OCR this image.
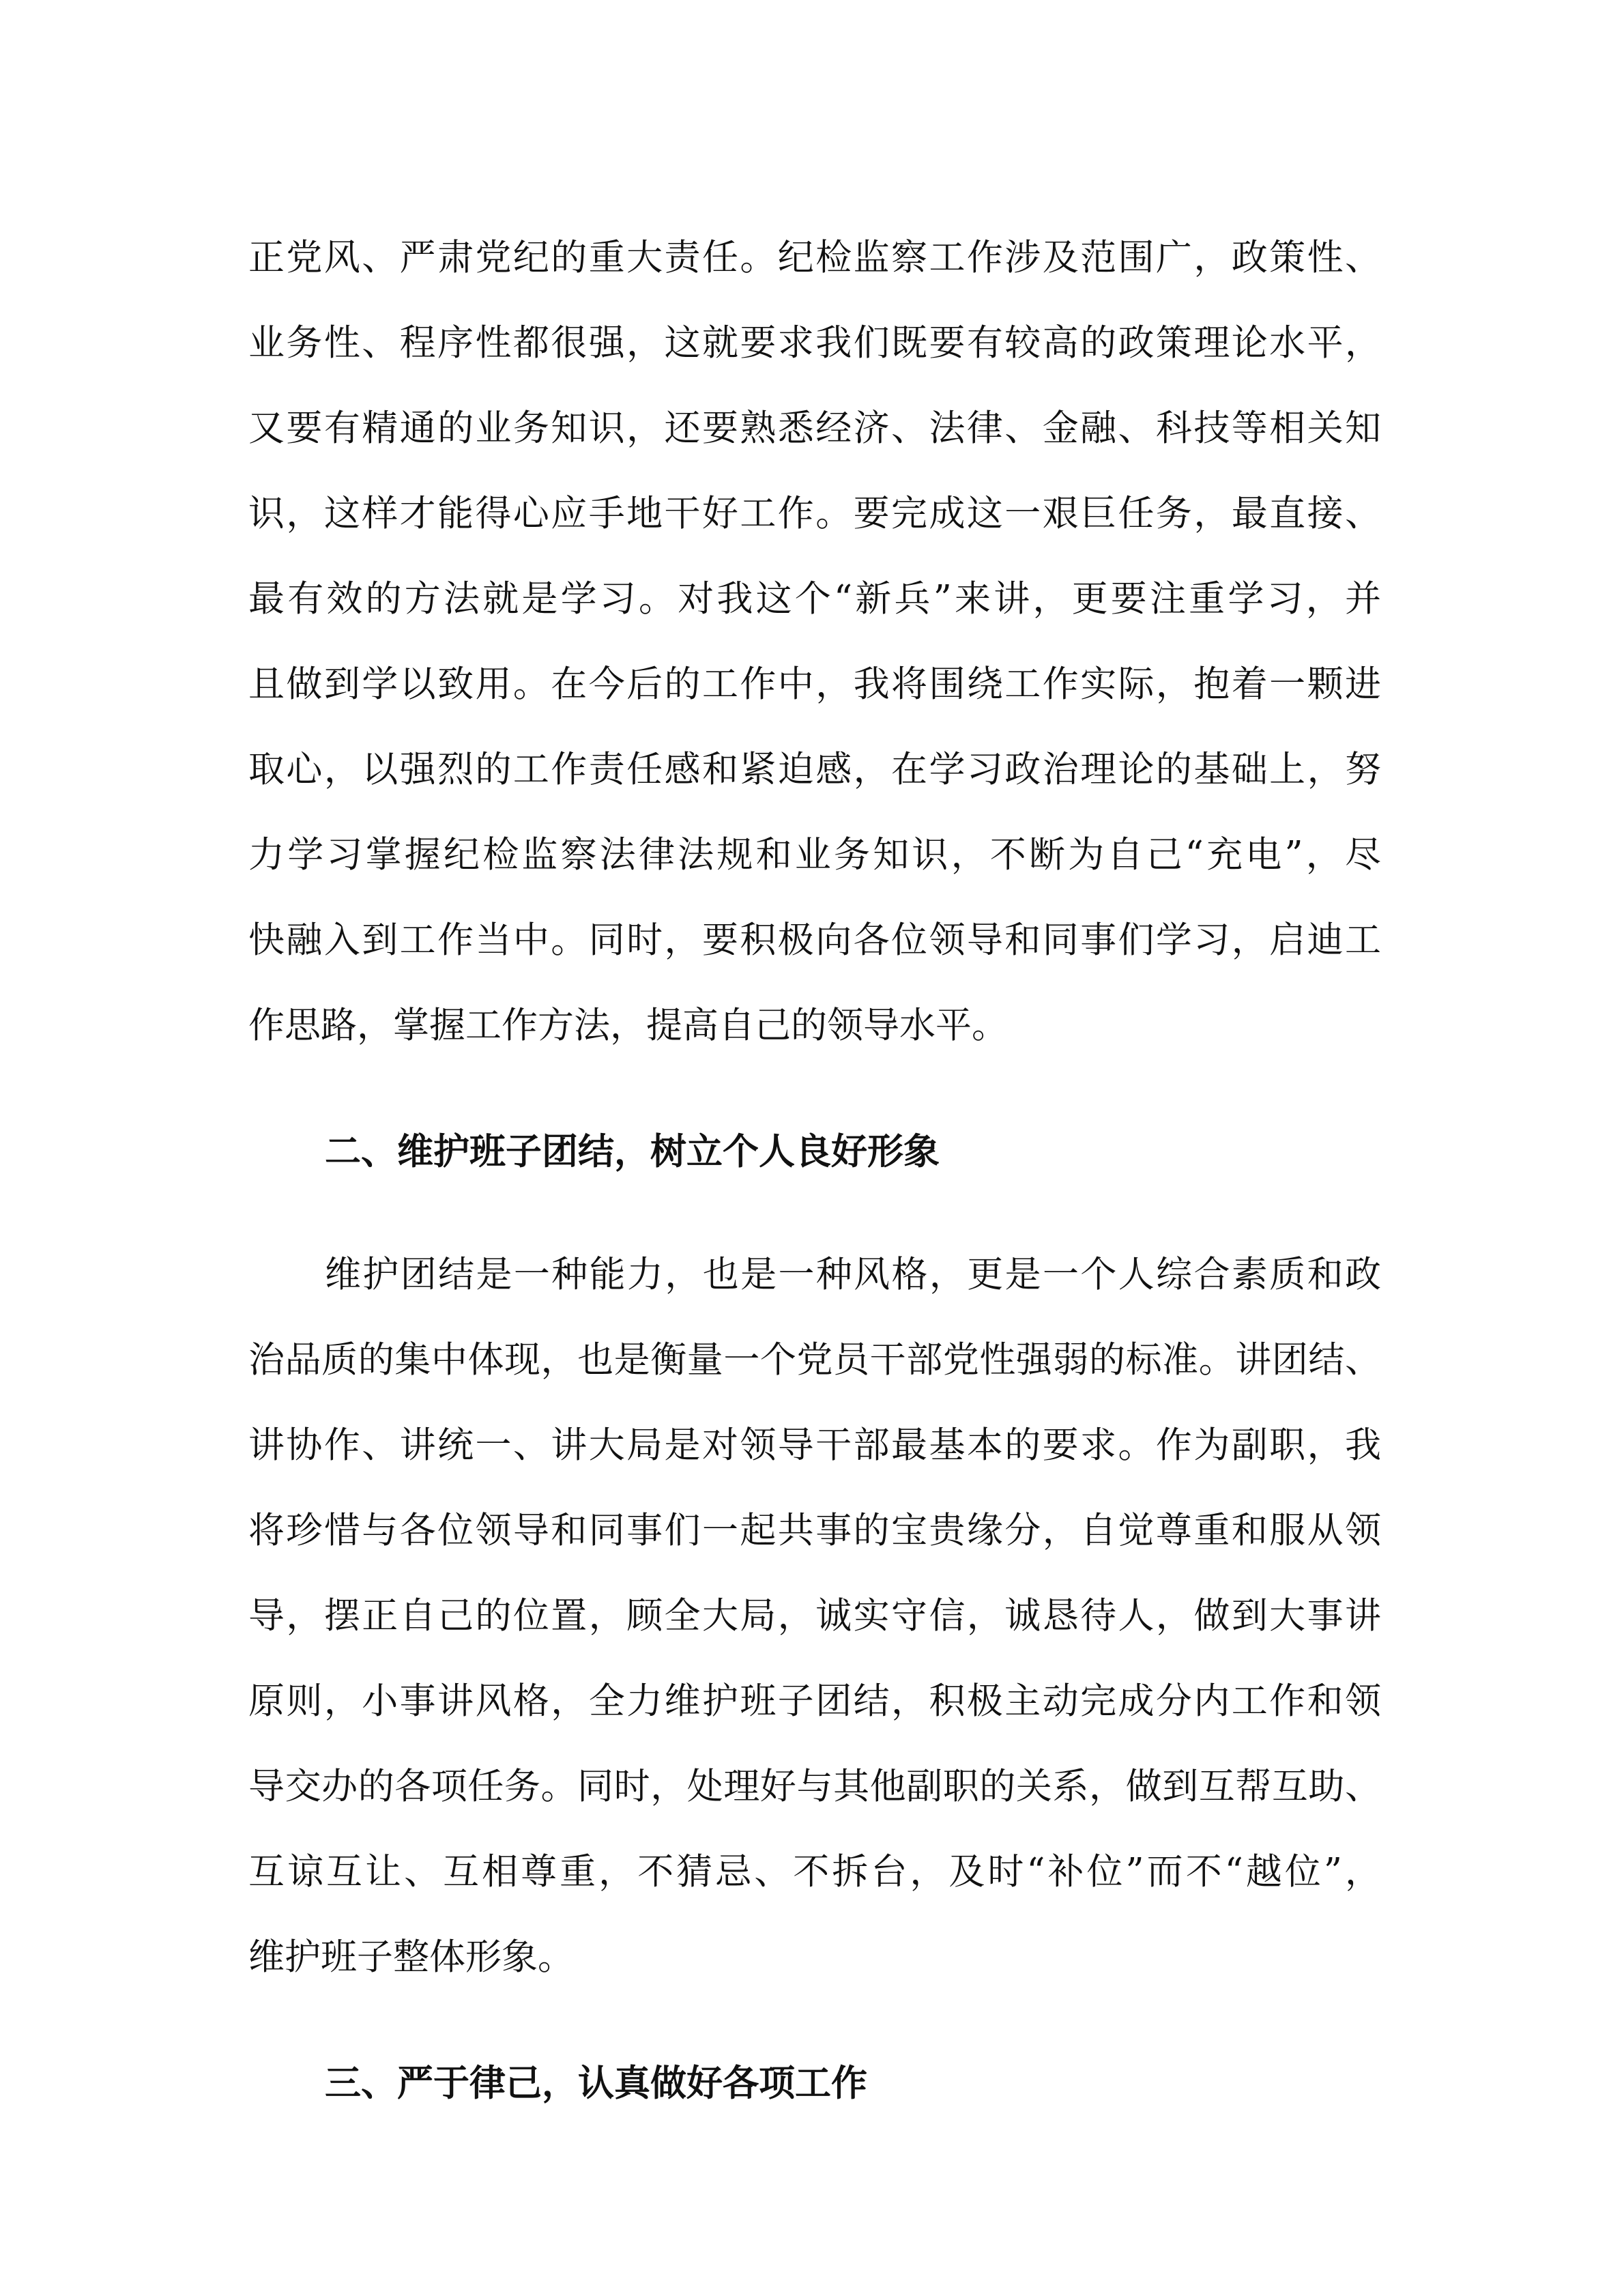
正党风、严肃党纪的重大责任。纪检监察工作涉及范围广，政策性、
业务性、程序性都很强，这就要求我们既要有较高的政策理论水平，
又要有精通的业务知识，还要熟悉经济、法律、金融、科技等相关知
识，这样才能得心应手地干好工作。要完成这一艰巨任务，最直接、
最有效的方法就是学习。对我这个“新兵”来讲，更要注重学习，并
且做到学以致用。在今后的工作中，我将围绕工作实际，抱着一颗进
取心，以强烈的工作责任感和紧迫感，在学习政治理论的基础上，努
力学习掌握纪检监察法律法规和业务知识，不断为自己“充电”，尽
快融入到工作当中。同时，要积极向各位领导和同事们学习，启迪工
作思路，掌握工作方法，提高自己的领导水平。
二、维护班子团结，树立个人良好形象
维护团结是一种能力，也是一种风格，更是一个人综合素质和政
治品质的集中体现，也是衡量一个党员干部党性强弱的标准。讲团结、
讲协作、讲统一、讲大局是对领导干部最基本的要求。作为副职，我
将珍惜与各位领导和同事们一起共事的宝贵缘分，自觉尊重和服从领
导，摆正自己的位置，顾全大局，诚实守信，诚恳待人，做到大事讲
原则，小事讲风格，全力维护班子团结，积极主动完成分内工作和领
导交办的各项任务。同时，处理好与其他副职的关系，做到互帮互助、
互谅互让、互相尊重，不猜忌、不拆台，及时“补位”而不“越位”，
维护班子整体形象。
三、严于律己，认真做好各项工作
